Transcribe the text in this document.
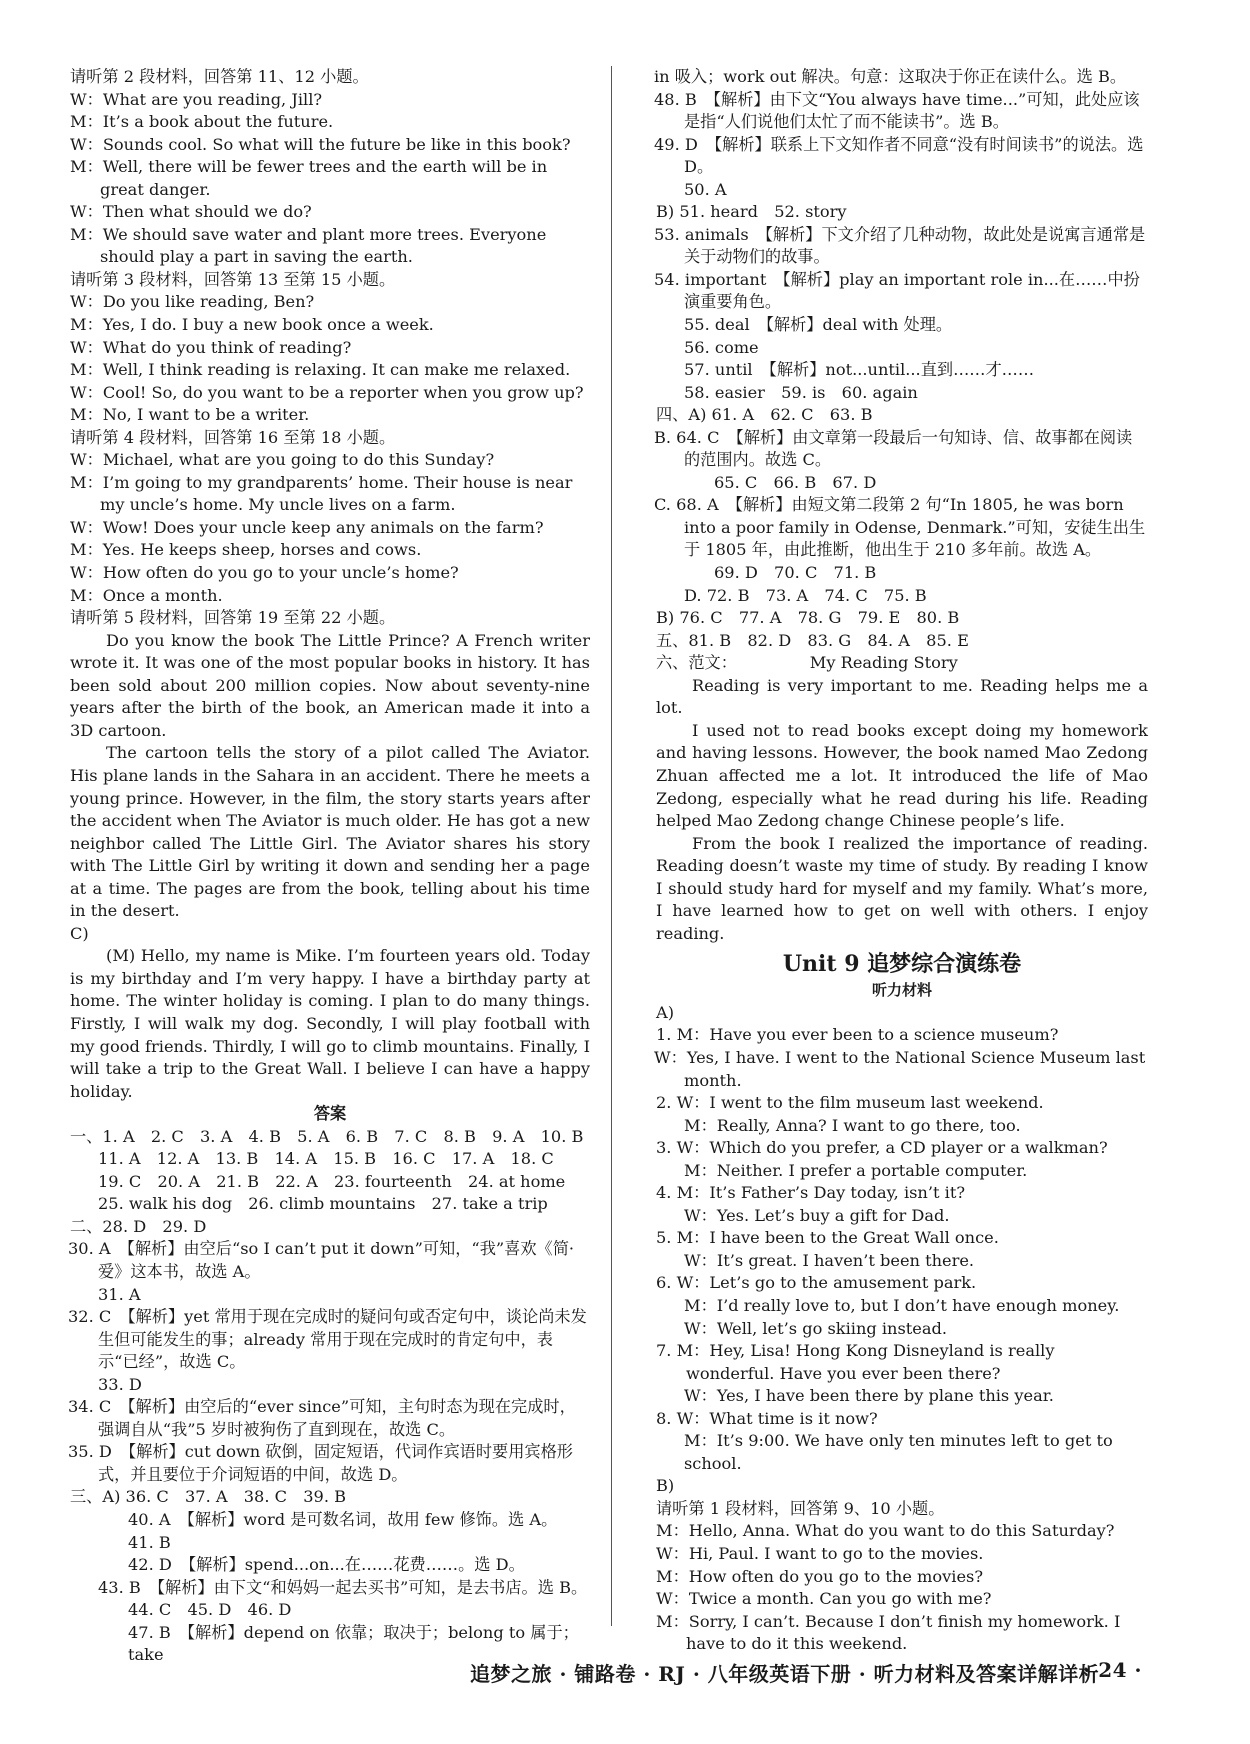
请听第 2 段材料，回答第 11、12 小题。
W：What are you reading, Jill?
M：It’s a book about the future.
W：Sounds cool. So what will the future be like in this book?
M：Well, there will be fewer trees and the earth will be in great danger.
W：Then what should we do?
M：We should save water and plant more trees. Everyone should play a part in saving the earth.
请听第 3 段材料，回答第 13 至第 15 小题。
W：Do you like reading, Ben?
M：Yes, I do. I buy a new book once a week.
W：What do you think of reading?
M：Well, I think reading is relaxing. It can make me relaxed.
W：Cool! So, do you want to be a reporter when you grow up?
M：No, I want to be a writer.
请听第 4 段材料，回答第 16 至第 18 小题。
W：Michael, what are you going to do this Sunday?
M：I’m going to my grandparents’ home. Their house is near my uncle’s home. My uncle lives on a farm.
W：Wow! Does your uncle keep any animals on the farm?
M：Yes. He keeps sheep, horses and cows.
W：How often do you go to your uncle’s home?
M：Once a month.
请听第 5 段材料，回答第 19 至第 22 小题。
Do you know the book The Little Prince? A French writer wrote it. It was one of the most popular books in history. It has been sold about 200 million copies. Now about seventy-nine years after the birth of the book, an American made it into a 3D cartoon.
The cartoon tells the story of a pilot called The Aviator. His plane lands in the Sahara in an accident. There he meets a young prince. However, in the film, the story starts years after the accident when The Aviator is much older. He has got a new neighbor called The Little Girl. The Aviator shares his story with The Little Girl by writing it down and sending her a page at a time. The pages are from the book, telling about his time in the desert.
C)
(M) Hello, my name is Mike. I’m fourteen years old. Today is my birthday and I’m very happy. I have a birthday party at home. The winter holiday is coming. I plan to do many things. Firstly, I will walk my dog. Secondly, I will play football with my good friends. Thirdly, I will go to climb mountains. Finally, I will take a trip to the Great Wall. I believe I can have a happy holiday.
答案
一、1. A　2. C　3. A　4. B　5. A　6. B　7. C　8. B　9. A　10. B
11. A　12. A　13. B　14. A　15. B　16. C　17. A　18. C
19. C　20. A　21. B　22. A　23. fourteenth　24. at home
25. walk his dog　26. climb mountains　27. take a trip
二、28. D　29. D
30. A　【解析】由空后“so I can’t put it down”可知，“我”喜欢《简·爱》这本书，故选 A。
31. A
32. C　【解析】yet 常用于现在完成时的疑问句或否定句中，谈论尚未发生但可能发生的事；already 常用于现在完成时的肯定句中，表示“已经”，故选 C。
33. D
34. C　【解析】由空后的“ever since”可知，主句时态为现在完成时，强调自从“我”5 岁时被狗伤了直到现在，故选 C。
35. D　【解析】cut down 砍倒，固定短语，代词作宾语时要用宾格形式，并且要位于介词短语的中间，故选 D。
三、A) 36. C　37. A　38. C　39. B
40. A　【解析】word 是可数名词，故用 few 修饰。选 A。
41. B
42. D　【解析】spend...on...在……花费……。选 D。
43. B　【解析】由下文“和妈妈一起去买书”可知，是去书店。选 B。
44. C　45. D　46. D
47. B　【解析】depend on 依靠；取决于；belong to 属于；take
in 吸入；work out 解决。句意：这取决于你正在读什么。选 B。
48. B　【解析】由下文“You always have time...”可知，此处应该是指“人们说他们太忙了而不能读书”。选 B。
49. D　【解析】联系上下文知作者不同意“没有时间读书”的说法。选 D。
50. A
B) 51. heard　52. story
53. animals　【解析】下文介绍了几种动物，故此处是说寓言通常是关于动物们的故事。
54. important　【解析】play an important role in...在……中扮演重要角色。
55. deal　【解析】deal with 处理。
56. come
57. until　【解析】not...until...直到……才……
58. easier　59. is　60. again
四、A) 61. A　62. C　63. B
B. 64. C　【解析】由文章第一段最后一句知诗、信、故事都在阅读的范围内。故选 C。
65. C　66. B　67. D
C. 68. A　【解析】由短文第二段第 2 句“In 1805, he was born into a poor family in Odense, Denmark.”可知，安徒生出生于 1805 年，由此推断，他出生于 210 多年前。故选 A。
69. D　70. C　71. B
D. 72. B　73. A　74. C　75. B
B) 76. C　77. A　78. G　79. E　80. B
五、81. B　82. D　83. G　84. A　85. E
六、范文：　　　　　My Reading Story
Reading is very important to me. Reading helps me a lot.
I used not to read books except doing my homework and having lessons. However, the book named Mao Zedong Zhuan affected me a lot. It introduced the life of Mao Zedong, especially what he read during his life. Reading helped Mao Zedong change Chinese people’s life.
From the book I realized the importance of reading. Reading doesn’t waste my time of study. By reading I know I should study hard for myself and my family. What’s more, I have learned how to get on well with others. I enjoy reading.
Unit 9 追梦综合演练卷
听力材料
A)
1. M：Have you ever been to a science museum?
W：Yes, I have. I went to the National Science Museum last month.
2. W：I went to the film museum last weekend.
M：Really, Anna? I want to go there, too.
3. W：Which do you prefer, a CD player or a walkman?
M：Neither. I prefer a portable computer.
4. M：It’s Father’s Day today, isn’t it?
W：Yes. Let’s buy a gift for Dad.
5. M：I have been to the Great Wall once.
W：It’s great. I haven’t been there.
6. W：Let’s go to the amusement park.
M：I’d really love to, but I don’t have enough money.
W：Well, let’s go skiing instead.
7. M：Hey, Lisa! Hong Kong Disneyland is really wonderful. Have you ever been there?
W：Yes, I have been there by plane this year.
8. W：What time is it now?
M：It’s 9:00. We have only ten minutes left to get to school.
B)
请听第 1 段材料，回答第 9、10 小题。
M：Hello, Anna. What do you want to do this Saturday?
W：Hi, Paul. I want to go to the movies.
M：How often do you go to the movies?
W：Twice a month. Can you go with me?
M：Sorry, I can’t. Because I don’t finish my homework. I have to do it this weekend.
追梦之旅 · 铺路卷 · RJ · 八年级英语下册 · 听力材料及答案详解详析
· 24 ·
